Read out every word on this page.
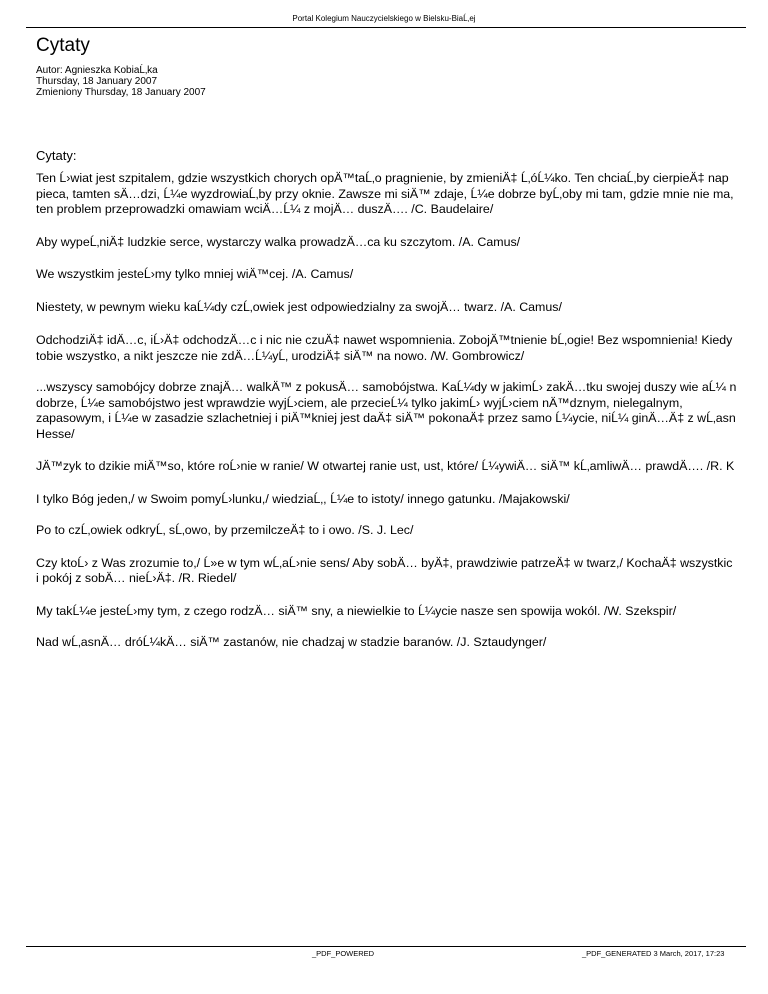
Portal Kolegium Nauczycielskiego w Bielsku-BiaĹ‚ej
Cytaty
Autor: Agnieszka KobiaĹ‚ka
Thursday, 18 January 2007
Zmieniony Thursday, 18 January 2007
Cytaty:
Ten Ĺ›wiat jest szpitalem, gdzie wszystkich chorych opÄ™taĹ‚o pragnienie, by zmieniÄ‡ Ĺ‚óĹ¼ko. Ten chciaĹ‚by cierpieÄ‡ nap
pieca, tamten sÄ…dzi, Ĺ¼e wyzdrowiaĹ‚by przy oknie. Zawsze mi siÄ™ zdaje, Ĺ¼e dobrze byĹ‚oby mi tam, gdzie mnie nie ma,
ten problem przeprowadzki omawiam wciÄ…Ĺ¼ z mojÄ… duszÄ…. /C. Baudelaire/
Aby wypeĹ‚niÄ‡ ludzkie serce, wystarczy walka prowadzÄ…ca ku szczytom. /A. Camus/
We wszystkim jesteĹ›my tylko mniej wiÄ™cej. /A. Camus/
Niestety, w pewnym wieku kaĹ¼dy czĹ‚owiek jest odpowiedzialny za swojÄ… twarz. /A. Camus/
OdchodziÄ‡ idÄ…c, iĹ›Ä‡ odchodzÄ…c i nic nie czuÄ‡ nawet wspomnienia. ZobojÄ™tnienie bĹ‚ogie! Bez wspomnienia! Kiedy
tobie wszystko, a nikt jeszcze nie zdÄ…Ĺ¼yĹ‚ urodziÄ‡ siÄ™ na nowo. /W. Gombrowicz/
...wszyscy samobójcy dobrze znajÄ… walkÄ™ z pokusÄ… samobójstwa. KaĹ¼dy w jakimĹ› zakÄ…tku swojej duszy wie aĹ¼ n
dobrze, Ĺ¼e samobójstwo jest wprawdzie wyjĹ›ciem, ale przecieĹ¼ tylko jakimĹ› wyjĹ›ciem nÄ™dznym, nielegalnym,
zapasowym, i Ĺ¼e w zasadzie szlachetniej i piÄ™kniej jest daÄ‡ siÄ™ pokonaÄ‡ przez samo Ĺ¼ycie, niĹ¼ ginÄ…Ä‡ z wĹ‚asn
Hesse/
JÄ™zyk to dzikie miÄ™so, które roĹ›nie w ranie/ W otwartej ranie ust, ust, które/ Ĺ¼ywiÄ… siÄ™ kĹ‚amliwÄ… prawdÄ…. /R. K
I tylko Bóg jeden,/ w Swoim pomyĹ›lunku,/ wiedziaĹ‚, Ĺ¼e to istoty/ innego gatunku. /Majakowski/
Po to czĹ‚owiek odkryĹ‚ sĹ‚owo, by przemilczeÄ‡ to i owo. /S. J. Lec/
Czy ktoĹ› z Was zrozumie to,/ Ĺ»e w tym wĹ‚aĹ›nie sens/ Aby sobÄ… byÄ‡, prawdziwie patrzeÄ‡ w twarz,/ KochaÄ‡ wszystkic
i pokój z sobÄ… nieĹ›Ä‡. /R. Riedel/
My takĹ¼e jesteĹ›my tym, z czego rodzÄ… siÄ™ sny, a niewielkie to Ĺ¼ycie nasze sen spowija wokól. /W. Szekspir/
Nad wĹ‚asnÄ… dróĹ¼kÄ… siÄ™ zastanów, nie chadzaj w stadzie baranów. /J. Sztaudynger/
_PDF_POWERED	_PDF_GENERATED 3 March, 2017, 17:23
